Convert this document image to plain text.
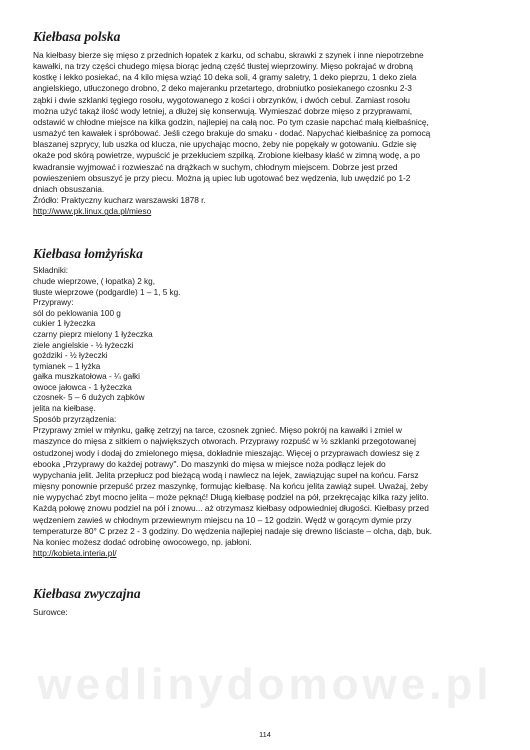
wedlinydomowe.pl
Kiełbasa polska

Na kiełbasy bierze się mięso z przednich łopatek z karku, od schabu, skrawki z szynek i inne niepotrzebne

kawałki, na trzy części chudego mięsa biorąc jedną część tłustej wieprzowiny. Mięso pokrajać w drobną

kostkę i lekko posiekać, na 4 kilo mięsa wziąć 10 deka soli, 4 gramy saletry, 1 deko pieprzu, 1 deko ziela

angielskiego, utłuczonego drobno, 2 deko majeranku przetartego, drobniutko posiekanego czosnku 2-3

ząbki i dwie szklanki tęgiego rosołu, wygotowanego z kości i obrzynków, i dwóch cebul. Zamiast rosołu

można użyć takąż ilość wody letniej, a dłużej się konserwują. Wymieszać dobrze mięso z przyprawami,

odstawić w chłodne miejsce na kilka godzin, najlepiej na całą noc. Po tym czasie napchać małą kiełbaśnicę,

usmażyć ten kawałek i spróbować. Jeśli czego brakuje do smaku - dodać. Napychać kiełbaśnicę za pomocą

blaszanej szprycy, lub uszka od klucza, nie upychając mocno, żeby nie popękały w gotowaniu. Gdzie się

okaże pod skórą powietrze, wypuścić je przekłuciem szpilką. Zrobione kiełbasy kłaść w zimną wodę, a po

kwadransie wyjmować i rozwieszać na drążkach w suchym, chłodnym miejscem. Dobrze jest przed

powieszeniem obsuszyć je przy piecu. Można ją upiec lub ugotować bez wędzenia, lub uwędzić po 1-2

dniach obsuszania.

Źródło: Praktyczny kucharz warszawski 1878 r.

http://www.pk.linux.gda.pl/mieso

Kiełbasa łomżyńska
Składniki:
chude wieprzowe, ( łopatka) 2 kg,
tłuste wieprzowe (podgardle) 1 – 1, 5 kg.
Przyprawy:
sól do peklowania 100 g
cukier 1 łyżeczka
czarny pieprz mielony 1 łyżeczka
ziele angielskie - ½ łyżeczki
goździki - ½ łyżeczki
tymianek – 1 łyżka
gałka muszkatołowa - ¼ gałki
owoce jałowca - 1 łyżeczka
czosnek- 5 – 6 dużych ząbków
jelita na kiełbasę.
Sposób przyrządzenia:

Przyprawy zmiel w młynku, gałkę zetrzyj na tarce, czosnek zgnieć. Mięso pokrój na kawałki i zmiel w

maszyncе do mięsa z sitkiem o największych otworach. Przyprawy rozpuść w ½ szklanki przegotowanej

ostudzonej wody i dodaj do zmielonego mięsa, dokładnie mieszając. Więcej o przyprawach dowiesz się z

ebooka „Przyprawy do każdej potrawy". Do maszynki do mięsa w miejsce noża podłącz lejek do

wypychania jelit. Jelita przepłucz pod bieżącą wodą i nawlecz na lejek, zawiązując supeł na końcu. Farsz

mięsny ponownie przepuść przez maszynkę, formując kiełbasę. Na końcu jelita zawiąż supeł. Uważaj, żeby

nie wypychać zbyt mocno jelita – może pęknąć! Długą kiełbasę podziel na pół, przekręcając kilka razy jelito.

Każdą połowę znowu podziel na pół i znowu... aż otrzymasz kiełbasy odpowiedniej długości. Kiełbasy przed

wędzeniem zawieś w chłodnym przewiewnym miejscu na 10 – 12 godzin. Wędź w gorącym dymie przy

temperaturze 80° C przez 2 - 3 godziny. Do wędzenia najlepiej nadaje się drewno liściaste – olcha, dąb, buk.

Na koniec możesz dodać odrobinę owocowego, np. jabłoni.

http://kobieta.interia.pl/

Kiełbasa zwyczajna

Surowce:

114
